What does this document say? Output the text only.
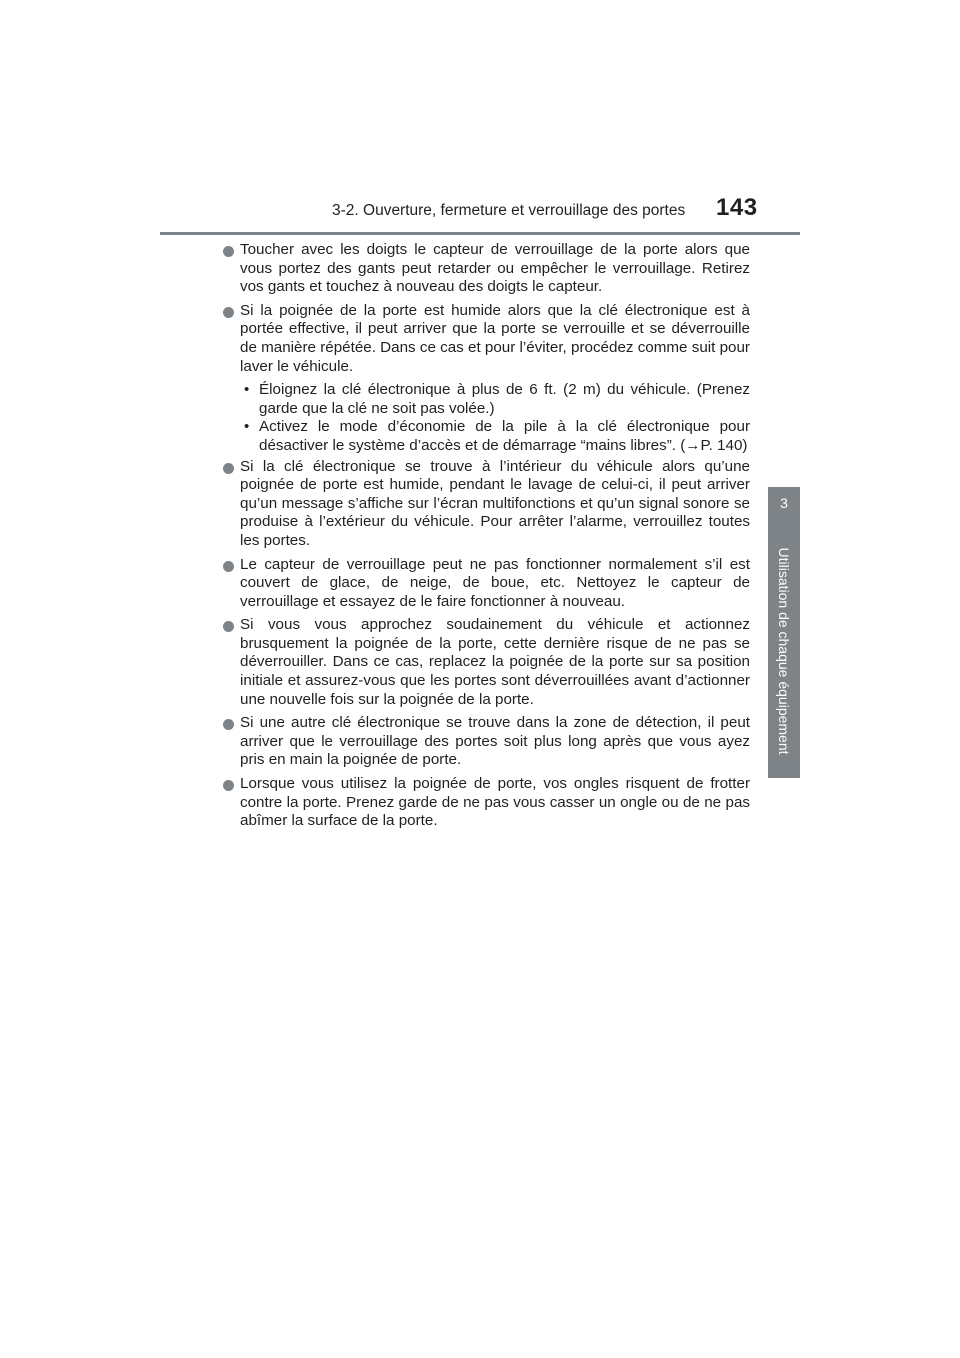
3-2. Ouverture, fermeture et verrouillage des portes 143
3
Utilisation de chaque équipement
Toucher avec les doigts le capteur de verrouillage de la porte alors que vous portez des gants peut retarder ou empêcher le verrouillage. Retirez vos gants et touchez à nouveau des doigts le capteur.
Si la poignée de la porte est humide alors que la clé électronique est à portée effective, il peut arriver que la porte se verrouille et se déverrouille de manière répétée. Dans ce cas et pour l’éviter, procédez comme suit pour laver le véhicule.
• Éloignez la clé électronique à plus de 6 ft. (2 m) du véhicule. (Prenez garde que la clé ne soit pas volée.)
• Activez le mode d’économie de la pile à la clé électronique pour désactiver le système d’accès et de démarrage “mains libres”. (→P. 140)
Si la clé électronique se trouve à l’intérieur du véhicule alors qu’une poignée de porte est humide, pendant le lavage de celui-ci, il peut arriver qu’un message s’affiche sur l’écran multifonctions et qu’un signal sonore se produise à l’extérieur du véhicule. Pour arrêter l’alarme, verrouillez toutes les portes.
Le capteur de verrouillage peut ne pas fonctionner normalement s’il est couvert de glace, de neige, de boue, etc. Nettoyez le capteur de verrouillage et essayez de le faire fonctionner à nouveau.
Si vous vous approchez soudainement du véhicule et actionnez brusquement la poignée de la porte, cette dernière risque de ne pas se déverrouiller. Dans ce cas, replacez la poignée de la porte sur sa position initiale et assurez-vous que les portes sont déverrouillées avant d’actionner une nouvelle fois sur la poignée de la porte.
Si une autre clé électronique se trouve dans la zone de détection, il peut arriver que le verrouillage des portes soit plus long après que vous ayez pris en main la poignée de porte.
Lorsque vous utilisez la poignée de porte, vos ongles risquent de frotter contre la porte. Prenez garde de ne pas vous casser un ongle ou de ne pas abîmer la surface de la porte.
